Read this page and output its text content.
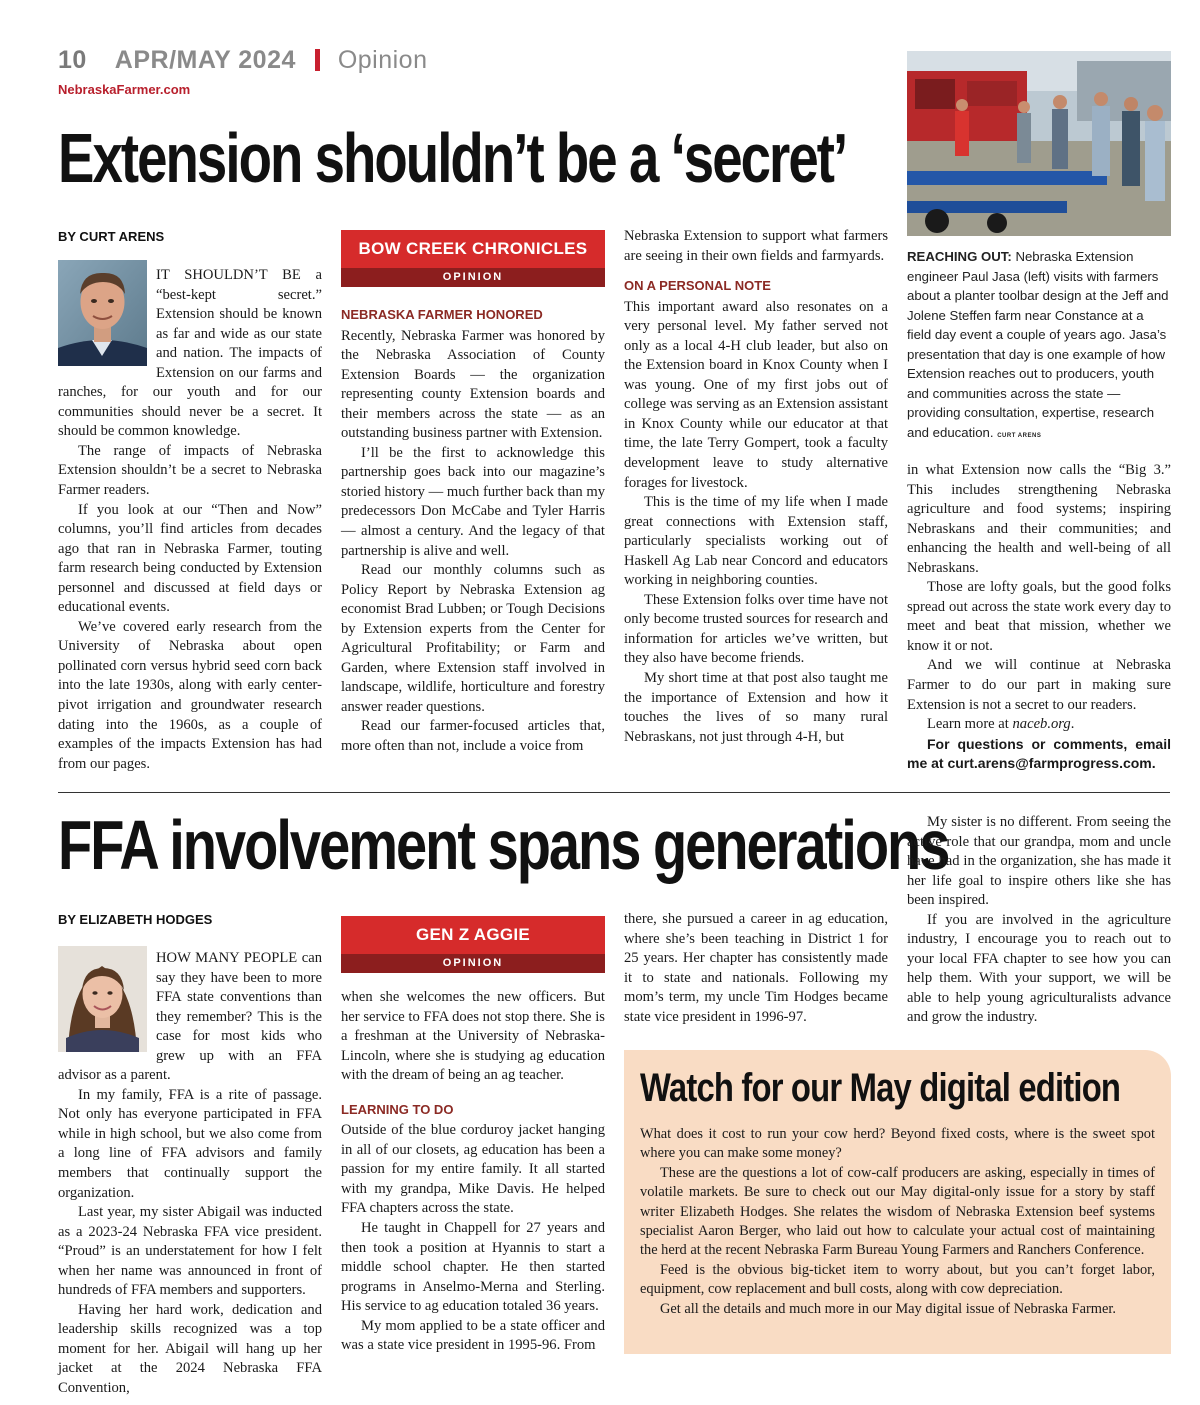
10 APR/MAY 2024 Opinion
NebraskaFarmer.com
Extension shouldn’t be a ‘secret’
BY CURT ARENS

IT SHOULDN’T BE a “best-kept secret.” Extension should be known as far and wide as our state and nation. The impacts of Extension on our farms and ranches, for our youth and for our communities should never be a secret. It should be common knowledge.

The range of impacts of Nebraska Extension shouldn’t be a secret to Nebraska Farmer readers.

If you look at our “Then and Now” columns, you’ll find articles from decades ago that ran in Nebraska Farmer, touting farm research being conducted by Extension personnel and discussed at field days or educational events.

We’ve covered early research from the University of Nebraska about open pollinated corn versus hybrid seed corn back into the late 1930s, along with early center-pivot irrigation and groundwater research dating into the 1960s, as a couple of examples of the impacts Extension has had from our pages.

BOW CREEK CHRONICLES
OPINION
NEBRASKA FARMER HONORED

Recently, Nebraska Farmer was honored by the Nebraska Association of County Extension Boards — the organization representing county Extension boards and their members across the state — as an outstanding business partner with Extension.

I’ll be the first to acknowledge this partnership goes back into our magazine’s storied history — much further back than my predecessors Don McCabe and Tyler Harris — almost a century. And the legacy of that partnership is alive and well.

Read our monthly columns such as Policy Report by Nebraska Extension ag economist Brad Lubben; or Tough Decisions by Extension experts from the Center for Agricultural Profitability; or Farm and Garden, where Extension staff involved in landscape, wildlife, horticulture and forestry answer reader questions.

Read our farmer-focused articles that, more often than not, include a voice from

Nebraska Extension to support what farmers are seeing in their own fields and farmyards.

ON A PERSONAL NOTE

This important award also resonates on a very personal level. My father served not only as a local 4-H club leader, but also on the Extension board in Knox County when I was young. One of my first jobs out of college was serving as an Extension assistant in Knox County while our educator at that time, the late Terry Gompert, took a faculty development leave to study alternative forages for livestock.

This is the time of my life when I made great connections with Extension staff, particularly specialists working out of Haskell Ag Lab near Concord and educators working in neighboring counties.

These Extension folks over time have not only become trusted sources for research and information for articles we’ve written, but they also have become friends.

My short time at that post also taught me the importance of Extension and how it touches the lives of so many rural Nebraskans, not just through 4-H, but

REACHING OUT: Nebraska Extension engineer Paul Jasa (left) visits with farmers about a planter toolbar design at the Jeff and Jolene Steffen farm near Constance at a field day event a couple of years ago. Jasa’s presentation that day is one example of how Extension reaches out to producers, youth and communities across the state — providing consultation, expertise, research and education. CURT ARENS

in what Extension now calls the “Big 3.” This includes strengthening Nebraska agriculture and food systems; inspiring Nebraskans and their communities; and enhancing the health and well-being of all Nebraskans.

Those are lofty goals, but the good folks spread out across the state work every day to meet and beat that mission, whether we know it or not.

And we will continue at Nebraska Farmer to do our part in making sure Extension is not a secret to our readers.

Learn more at naceb.org.

For questions or comments, email me at curt.arens@farmprogress.com.

FFA involvement spans generations
BY ELIZABETH HODGES

HOW MANY PEOPLE can say they have been to more FFA state conventions than they remember? This is the case for most kids who grew up with an FFA advisor as a parent.

In my family, FFA is a rite of passage. Not only has everyone participated in FFA while in high school, but we also come from a long line of FFA advisors and family members that continually support the organization.

Last year, my sister Abigail was inducted as a 2023-24 Nebraska FFA vice president. “Proud” is an understatement for how I felt when her name was announced in front of hundreds of FFA members and supporters.

Having her hard work, dedication and leadership skills recognized was a top moment for her. Abigail will hang up her jacket at the 2024 Nebraska FFA Convention,

GEN Z AGGIE
OPINION

when she welcomes the new officers. But her service to FFA does not stop there. She is a freshman at the University of Nebraska-Lincoln, where she is studying ag education with the dream of being an ag teacher.

LEARNING TO DO

Outside of the blue corduroy jacket hanging in all of our closets, ag education has been a passion for my entire family. It all started with my grandpa, Mike Davis. He helped FFA chapters across the state.

He taught in Chappell for 27 years and then took a position at Hyannis to start a middle school chapter. He then started programs in Anselmo-Merna and Sterling. His service to ag education totaled 36 years.

My mom applied to be a state officer and was a state vice president in 1995-96. From

there, she pursued a career in ag education, where she’s been teaching in District 1 for 25 years. Her chapter has consistently made it to state and nationals. Following my mom’s term, my uncle Tim Hodges became state vice president in 1996-97.

My sister is no different. From seeing the active role that our grandpa, mom and uncle have had in the organization, she has made it her life goal to inspire others like she has been inspired.

If you are involved in the agriculture industry, I encourage you to reach out to your local FFA chapter to see how you can help them. With your support, we will be able to help young agriculturalists advance and grow the industry.

Watch for our May digital edition

What does it cost to run your cow herd? Beyond fixed costs, where is the sweet spot where you can make some money?

These are the questions a lot of cow-calf producers are asking, especially in times of volatile markets. Be sure to check out our May digital-only issue for a story by staff writer Elizabeth Hodges. She relates the wisdom of Nebraska Extension beef systems specialist Aaron Berger, who laid out how to calculate your actual cost of maintaining the herd at the recent Nebraska Farm Bureau Young Farmers and Ranchers Conference.

Feed is the obvious big-ticket item to worry about, but you can’t forget labor, equipment, cow replacement and bull costs, along with cow depreciation.

Get all the details and much more in our May digital issue of Nebraska Farmer.
